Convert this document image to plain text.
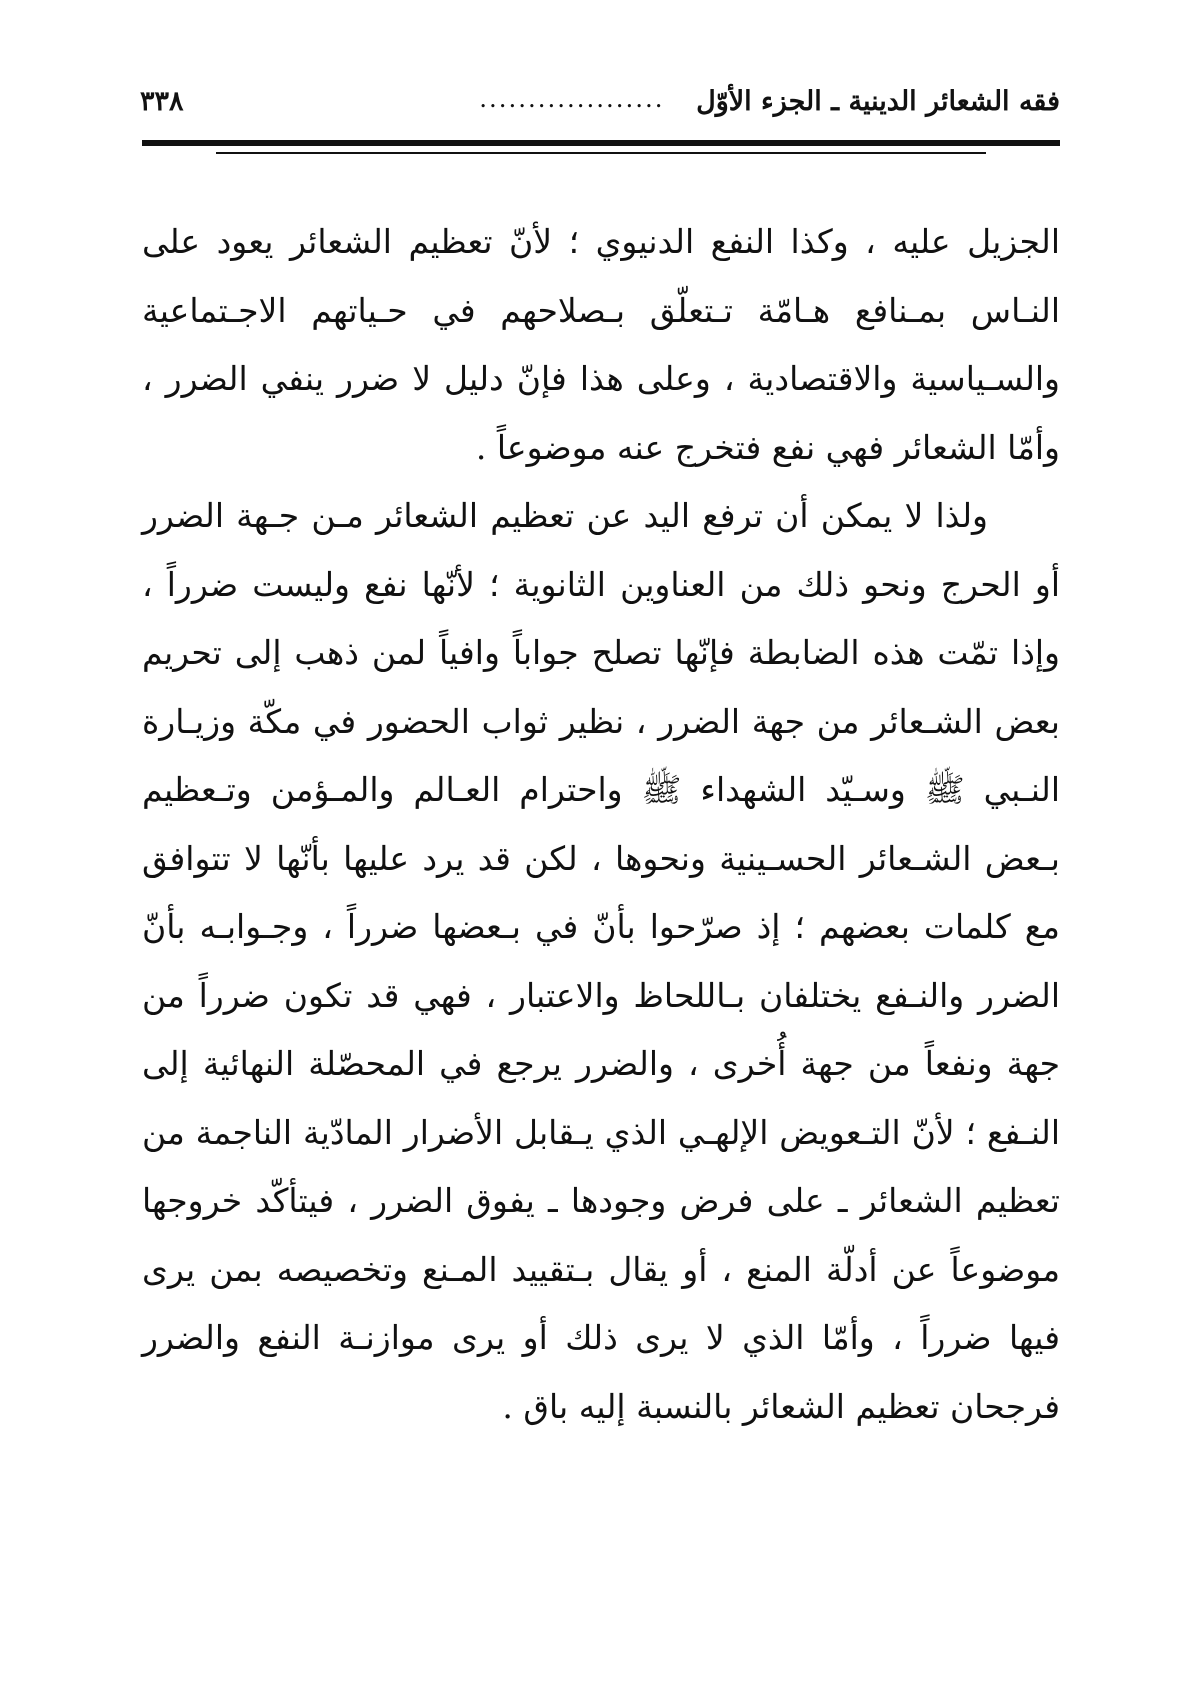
فقه الشعائر الدينية ـ الجزء الأوّل
...................
٣٣٨

الجزيل عليه ، وكذا النفع الدنيوي ؛ لأنّ تعظيم الشعائر يعود على النـاس بمـنافع هـامّة تـتعلّق بـصلاحهم في حـياتهم الاجـتماعية والسـياسية والاقتصادية ، وعلى هذا فإنّ دليل لا ضرر ينفي الضرر ، وأمّا الشعائر فهي نفع فتخرج عنه موضوعاً .

ولذا لا يمكن أن ترفع اليد عن تعظيم الشعائر مـن جـهة الضرر أو الحرج ونحو ذلك من العناوين الثانوية ؛ لأنّها نفع وليست ضرراً ، وإذا تمّت هذه الضابطة فإنّها تصلح جواباً وافياً لمن ذهب إلى تحريم بعض الشـعائر من جهة الضرر ، نظير ثواب الحضور في مكّة وزيـارة النـبي ﷺ وسـيّد الشهداء ﷺ واحترام العـالم والمـؤمن وتـعظيم بـعض الشـعائر الحسـينية ونحوها ، لكن قد يرد عليها بأنّها لا تتوافق مع كلمات بعضهم ؛ إذ صرّحوا بأنّ في بـعضها ضرراً ، وجـوابـه بأنّ الضرر والنـفع يختلفان بـاللحاظ والاعتبار ، فهي قد تكون ضرراً من جهة ونفعاً من جهة أُخرى ، والضرر يرجع في المحصّلة النهائية إلى النـفع ؛ لأنّ التـعويض الإلهـي الذي يـقابل الأضرار المادّية الناجمة من تعظيم الشعائر ـ على فرض وجودها ـ يفوق الضرر ، فيتأكّد خروجها موضوعاً عن أدلّة المنع ، أو يقال بـتقييد المـنع وتخصيصه بمن يرى فيها ضرراً ، وأمّا الذي لا يرى ذلك أو يرى موازنـة النفع والضرر فرجحان تعظيم الشعائر بالنسبة إليه باق .
